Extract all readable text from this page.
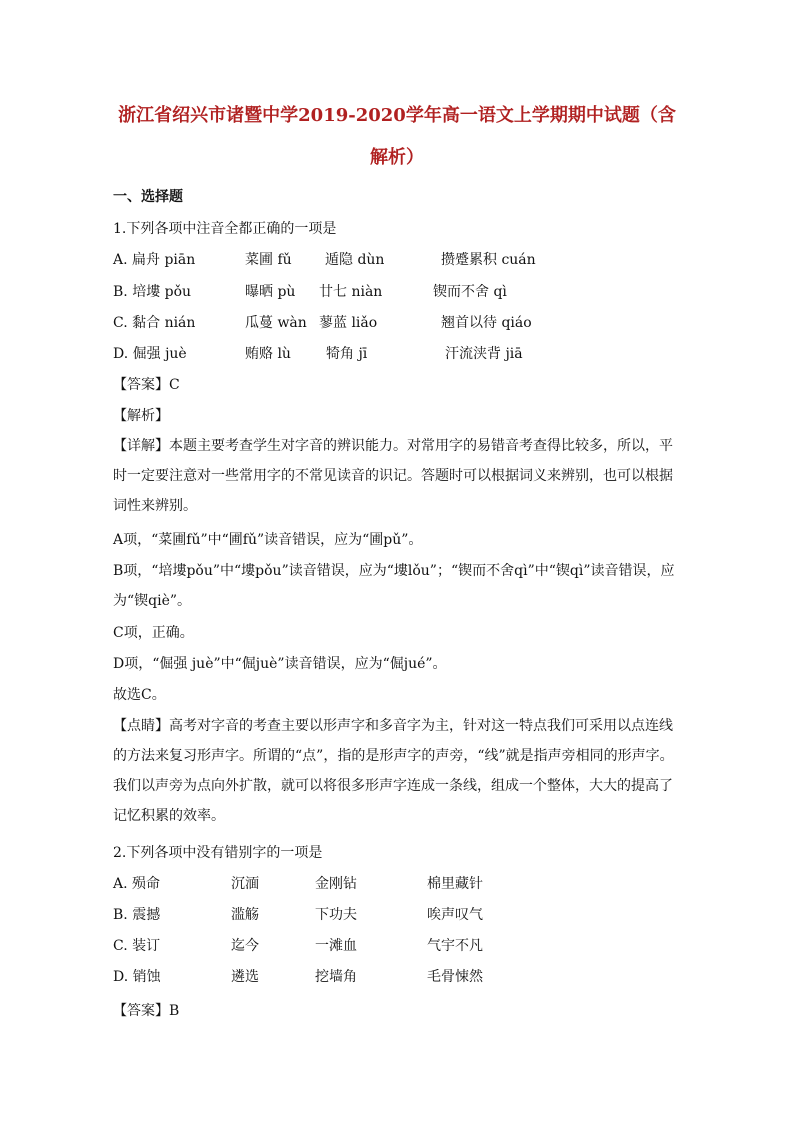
浙江省绍兴市诸暨中学2019-2020学年高一语文上学期期中试题（含
解析）
一、选择题
1.下列各项中注音全都正确的一项是
A. 扁舟 piān	菜圃 fǔ 遁隐 dùn	攒蹙累积 cuán
B. 培塿 pǒu	曝晒 pù 廿七 niàn	锲而不舍 qì
C. 黏合 nián	瓜蔓 wàn 蓼蓝 liǎo	翘首以待 qiáo
D. 倔强 juè	贿赂 lù	犄角 jī	汗流浃背 jiā
【答案】C
【解析】
【详解】本题主要考查学生对字音的辨识能力。对常用字的易错音考查得比较多，所以，平时一定要注意对一些常用字的不常见读音的识记。答题时可以根据词义来辨别，也可以根据词性来辨别。
A项，“菜圃fǔ”中“圃fǔ”读音错误，应为“圃pǔ”。
B项，“培塿pǒu”中“塿pǒu”读音错误，应为“塿lǒu”；“锲而不舍qì”中“锲qì”读音错误，应为“锲qiè”。
C项，正确。
D项，“倔强 juè”中“倔juè”读音错误，应为“倔jué”。
故选C。
【点睛】高考对字音的考查主要以形声字和多音字为主，针对这一特点我们可采用以点连线的方法来复习形声字。所谓的“点”，指的是形声字的声旁，“线”就是指声旁相同的形声字。我们以声旁为点向外扩散，就可以将很多形声字连成一条线，组成一个整体，大大的提高了记忆积累的效率。
2.下列各项中没有错别字的一项是
A. 殒命	沉湎	金刚钻	棉里藏针
B. 震撼	滥觞	下功夫	唉声叹气
C. 装订	迄今	一滩血	气宇不凡
D. 销蚀	遴选	挖墙角	毛骨悚然
【答案】B
